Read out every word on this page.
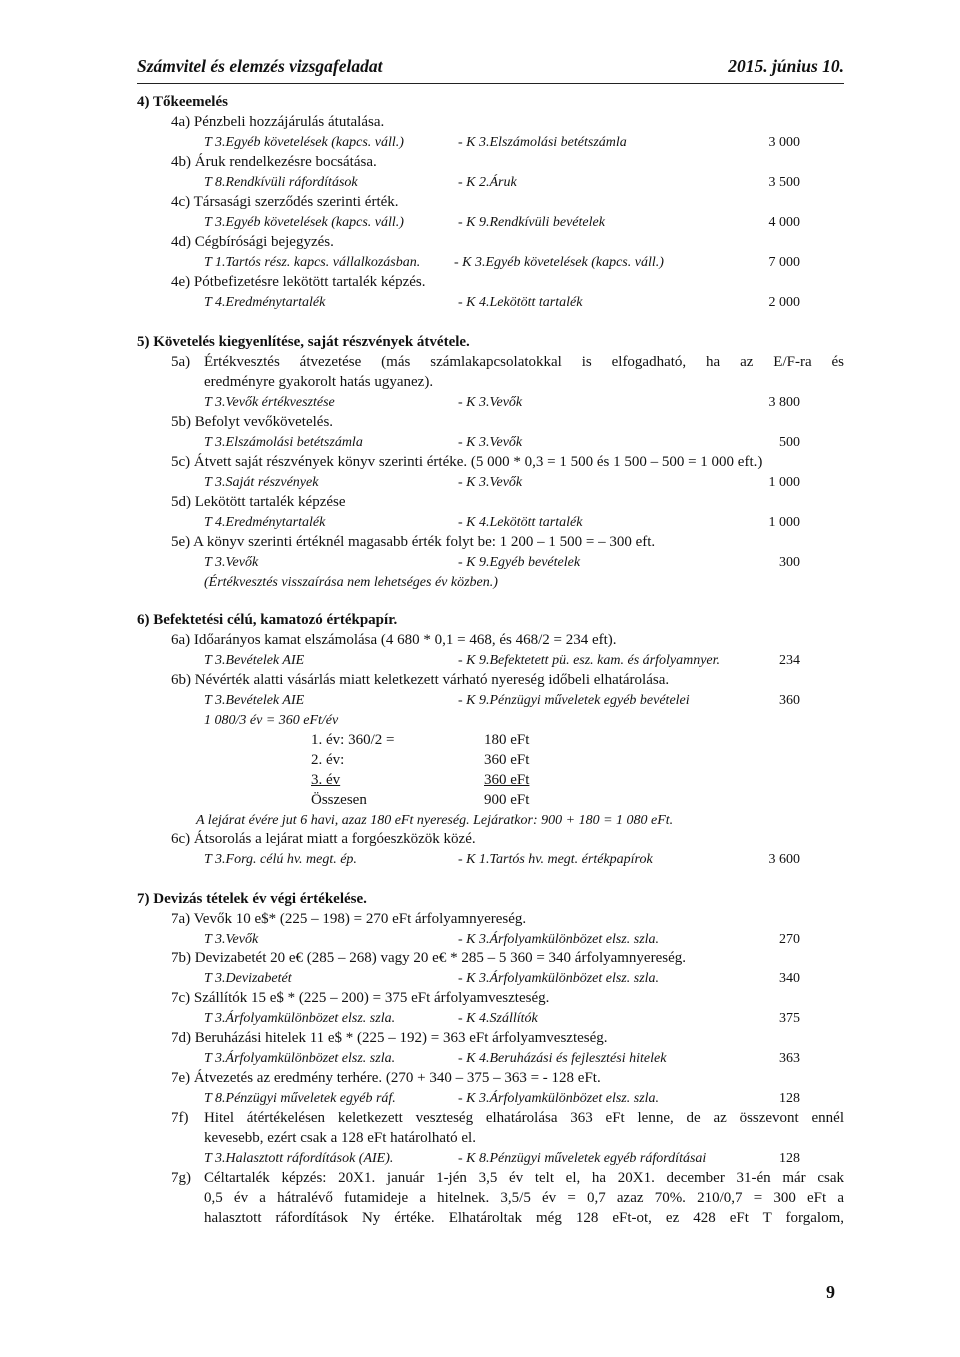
Számvitel és elemzés vizsgafeladat	2015. június 10.
4) Tőkeemelés
4a) Pénzbeli hozzájárulás átutalása.
T 3.Egyéb követelések (kapcs. váll.)	- K 3.Elszámolási betétszámla	3 000
4b) Áruk rendelkezésre bocsátása.
T 8.Rendkívüli ráfordítások	- K 2.Áruk	3 500
4c) Társasági szerződés szerinti érték.
T 3.Egyéb követelések (kapcs. váll.)	- K 9.Rendkívüli bevételek	4 000
4d) Cégbírósági bejegyzés.
T 1.Tartós rész. kapcs. vállalkozásban. - K 3.Egyéb követelések (kapcs. váll.)	7 000
4e) Pótbefizetésre lekötött tartalék képzés.
T 4.Eredménytartalék	- K 4.Lekötött tartalék	2 000
5) Követelés kiegyenlítése, saját részvények átvétele.
5a) Értékvesztés átvezetése (más számlakapcsolatokkal is elfogadható, ha az E/F-ra és
eredményre gyakorolt hatás ugyanez).
T 3.Vevők értékvesztése	- K 3.Vevők	3 800
5b) Befolyt vevőkövetelés.
T 3.Elszámolási betétszámla	- K 3.Vevők	500
5c) Átvett saját részvények könyv szerinti értéke. (5 000 * 0,3 = 1 500 és 1 500 – 500 = 1 000 eft.)
T 3.Saját részvények	- K 3.Vevők	1 000
5d) Lekötött tartalék képzése
T 4.Eredménytartalék	- K 4.Lekötött tartalék	1 000
5e) A könyv szerinti értéknél magasabb érték folyt be: 1 200 – 1 500 = – 300 eft.
T 3.Vevők	- K 9.Egyéb bevételek	300
(Értékvesztés visszaírása nem lehetséges év közben.)
6) Befektetési célú, kamatozó értékpapír.
6a) Időarányos kamat elszámolása (4 680 * 0,1 = 468, és 468/2 = 234 eft).
T 3.Bevételek AIE	- K 9.Befektetett pü. esz. kam. és árfolyamnyer.	234
6b) Névérték alatti vásárlás miatt keletkezett várható nyereség időbeli elhatárolása.
T 3.Bevételek AIE	- K 9.Pénzügyi műveletek egyéb bevételei	360
1 080/3 év = 360 eFt/év
1. év: 360/2 =	180 eFt
2. év:	360 eFt
3. év	360 eFt
Összesen	900 eFt
A lejárat évére jut 6 havi, azaz 180 eFt nyereség. Lejáratkor: 900 + 180 = 1 080 eFt.
6c) Átsorolás a lejárat miatt a forgóeszközök közé.
T 3.Forg. célú hv. megt. ép.	- K 1.Tartós hv. megt. értékpapírok	3 600
7) Devizás tételek év végi értékelése.
7a) Vevők 10 e$* (225 – 198) = 270 eFt árfolyamnyereség.
T 3.Vevők	- K 3.Árfolyamkülönbözet elsz. szla.	270
7b) Devizabetét 20 e€ (285 – 268) vagy 20 e€ * 285 – 5 360 = 340 árfolyamnyereség.
T 3.Devizabetét	- K 3.Árfolyamkülönbözet elsz. szla.	340
7c) Szállítók 15 e$ * (225 – 200) = 375 eFt árfolyamveszteség.
T 3.Árfolyamkülönbözet elsz. szla.	- K 4.Szállítók	375
7d) Beruházási hitelek 11 e$ * (225 – 192) = 363 eFt árfolyamveszteség.
T 3.Árfolyamkülönbözet elsz. szla.	- K 4.Beruházási és fejlesztési hitelek	363
7e) Átvezetés az eredmény terhére. (270 + 340 – 375 – 363 = - 128 eFt.
T 8.Pénzügyi műveletek egyéb ráf.	- K 3.Árfolyamkülönbözet elsz. szla.	128
7f) Hitel átértékelésen keletkezett veszteség elhatárolása 363 eFt lenne, de az összevont ennél
kevesebb, ezért csak a 128 eFt határolható el.
T 3.Halasztott ráfordítások (AIE).	- K 8.Pénzügyi műveletek egyéb ráfordításai	128
7g) Céltartalék képzés: 20X1. január 1-jén 3,5 év telt el, ha 20X1. december 31-én már csak
0,5 év a hátralévő futamideje a hitelnek. 3,5/5 év = 0,7 azaz 70%. 210/0,7 = 300 eFt a
halasztott ráfordítások Ny értéke. Elhatároltak még 128 eFt-ot, ez 428 eFt T forgalom,
9
